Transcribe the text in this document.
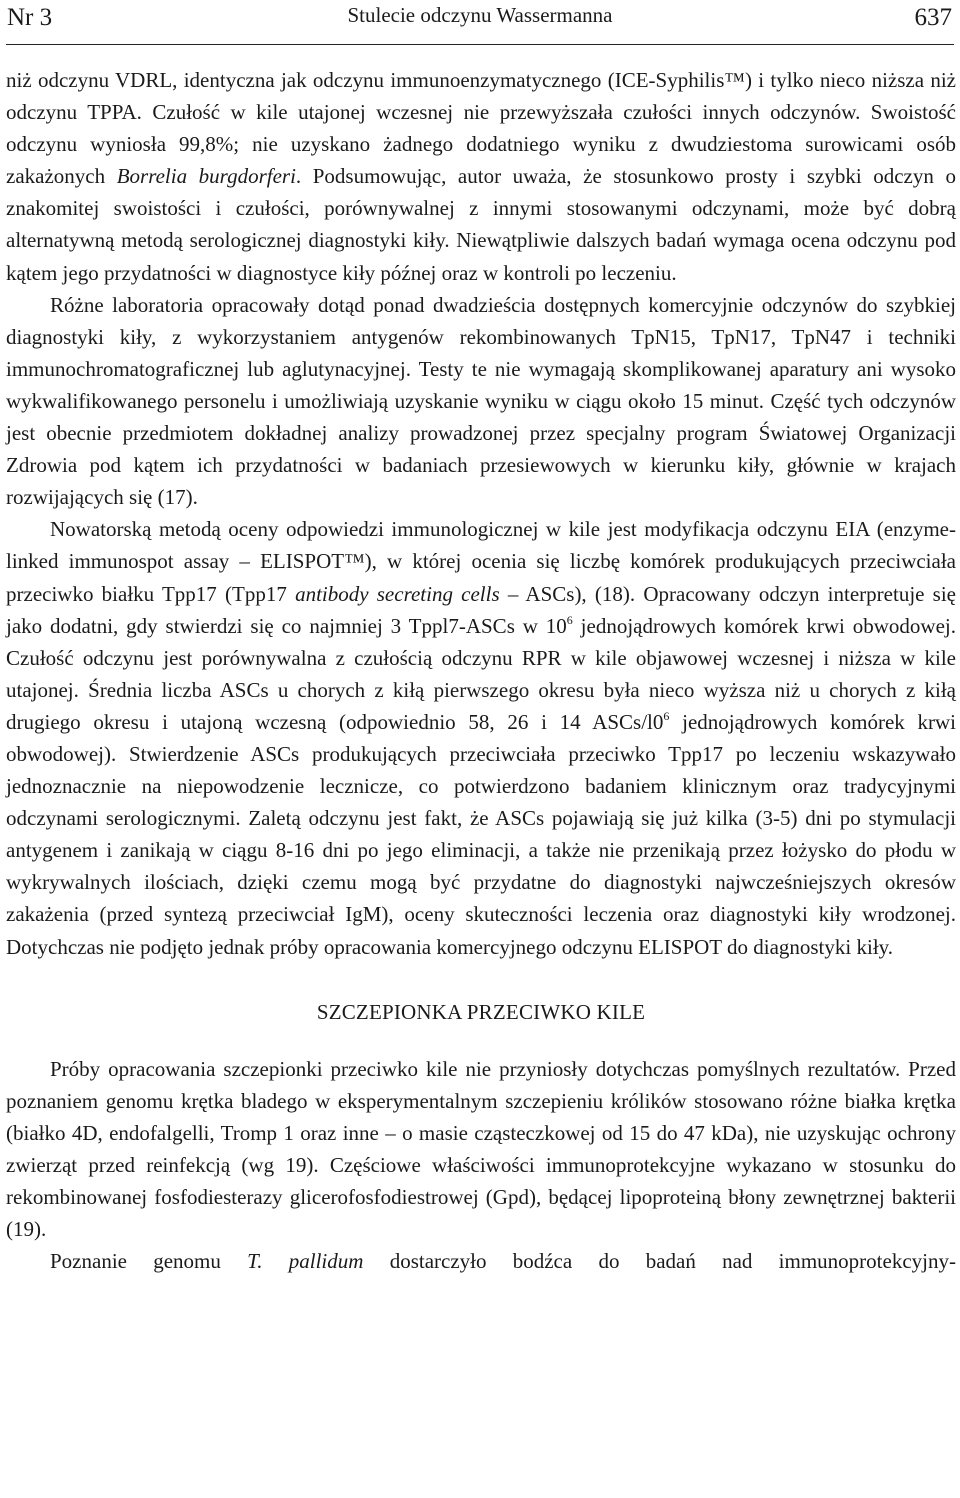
Nr 3	Stulecie odczynu Wassermanna	637

niż odczynu VDRL, identyczna jak odczynu immunoenzymatycznego (ICE-Syphilis™) i tylko nieco niższa niż odczynu TPPA. Czułość w kile utajonej wczesnej nie przewyższała czułości innych odczynów. Swoistość odczynu wyniosła 99,8%; nie uzyskano żadnego dodatniego wyniku z dwudziestoma surowicami osób zakażonych Borrelia burgdorferi. Podsumowując, autor uważa, że stosunkowo prosty i szybki odczyn o znakomitej swoistości i czułości, porównywalnej z innymi stosowanymi odczynami, może być dobrą alternatywną metodą serologicznej diagnostyki kiły. Niewątpliwie dalszych badań wymaga ocena odczynu pod kątem jego przydatności w diagnostyce kiły późnej oraz w kontroli po leczeniu.

Różne laboratoria opracowały dotąd ponad dwadzieścia dostępnych komercyjnie odczynów do szybkiej diagnostyki kiły, z wykorzystaniem antygenów rekombinowanych TpN15, TpN17, TpN47 i techniki immunochromatograficznej lub aglutynacyjnej. Testy te nie wymagają skomplikowanej aparatury ani wysoko wykwalifikowanego personelu i umożliwiają uzyskanie wyniku w ciągu około 15 minut. Część tych odczynów jest obecnie przedmiotem dokładnej analizy prowadzonej przez specjalny program Światowej Organizacji Zdrowia pod kątem ich przydatności w badaniach przesiewowych w kierunku kiły, głównie w krajach rozwijających się (17).

Nowatorską metodą oceny odpowiedzi immunologicznej w kile jest modyfikacja odczynu EIA (enzyme-linked immunospot assay – ELISPOT™), w której ocenia się liczbę komórek produkujących przeciwciała przeciwko białku Tpp17 (Tpp17 antibody secreting cells – ASCs), (18). Opracowany odczyn interpretuje się jako dodatni, gdy stwierdzi się co najmniej 3 Tppl7-ASCs w $10^6$ jednojądrowych komórek krwi obwodowej. Czułość odczynu jest porównywalna z czułością odczynu RPR w kile objawowej wczesnej i niższa w kile utajonej. Średnia liczba ASCs u chorych z kiłą pierwszego okresu była nieco wyższa niż u chorych z kiłą drugiego okresu i utajoną wczesną (odpowiednio 58, 26 i 14 ASCs/$l0^6$ jednojądrowych komórek krwi obwodowej). Stwierdzenie ASCs produkujących przeciwciała przeciwko Tpp17 po leczeniu wskazywało jednoznacznie na niepowodzenie leczniczе, co potwierdzono badaniem klinicznym oraz tradycyjnymi odczynami serologicznymi. Zaletą odczynu jest fakt, że ASCs pojawiają się już kilka (3-5) dni po stymulacji antygenem i zanikają w ciągu 8-16 dni po jego eliminacji, a także nie przenikają przez łożysko do płodu w wykrywalnych ilościach, dzięki czemu mogą być przydatne do diagnostyki najwcześniejszych okresów zakażenia (przed syntezą przeciwciał IgM), oceny skuteczności leczenia oraz diagnostyki kiły wrodzonej. Dotychczas nie podjęto jednak próby opracowania komercyjnego odczynu ELISPOT do diagnostyki kiły.

SZCZEPIONKA PRZECIWKO KILE

Próby opracowania szczepionki przeciwko kile nie przyniosły dotychczas pomyślnych rezultatów. Przed poznaniem genomu krętka bladego w eksperymentalnym szczepieniu królików stosowano różne białka krętka (białko 4D, endofalgelli, Tromp 1 oraz inne – o masie cząsteczkowej od 15 do 47 kDa), nie uzyskując ochrony zwierząt przed reinfekcją (wg 19). Częściowe właściwości immunoprotekcyjne wykazano w stosunku do rekombinowanej fosfodiesterazy glicerofosfodiestrowej (Gpd), będącej lipoproteiną błony zewnętrznej bakterii (19).

Poznanie genomu T. pallidum dostarczyło bodźca do badań nad immunoprotekcyjny-
